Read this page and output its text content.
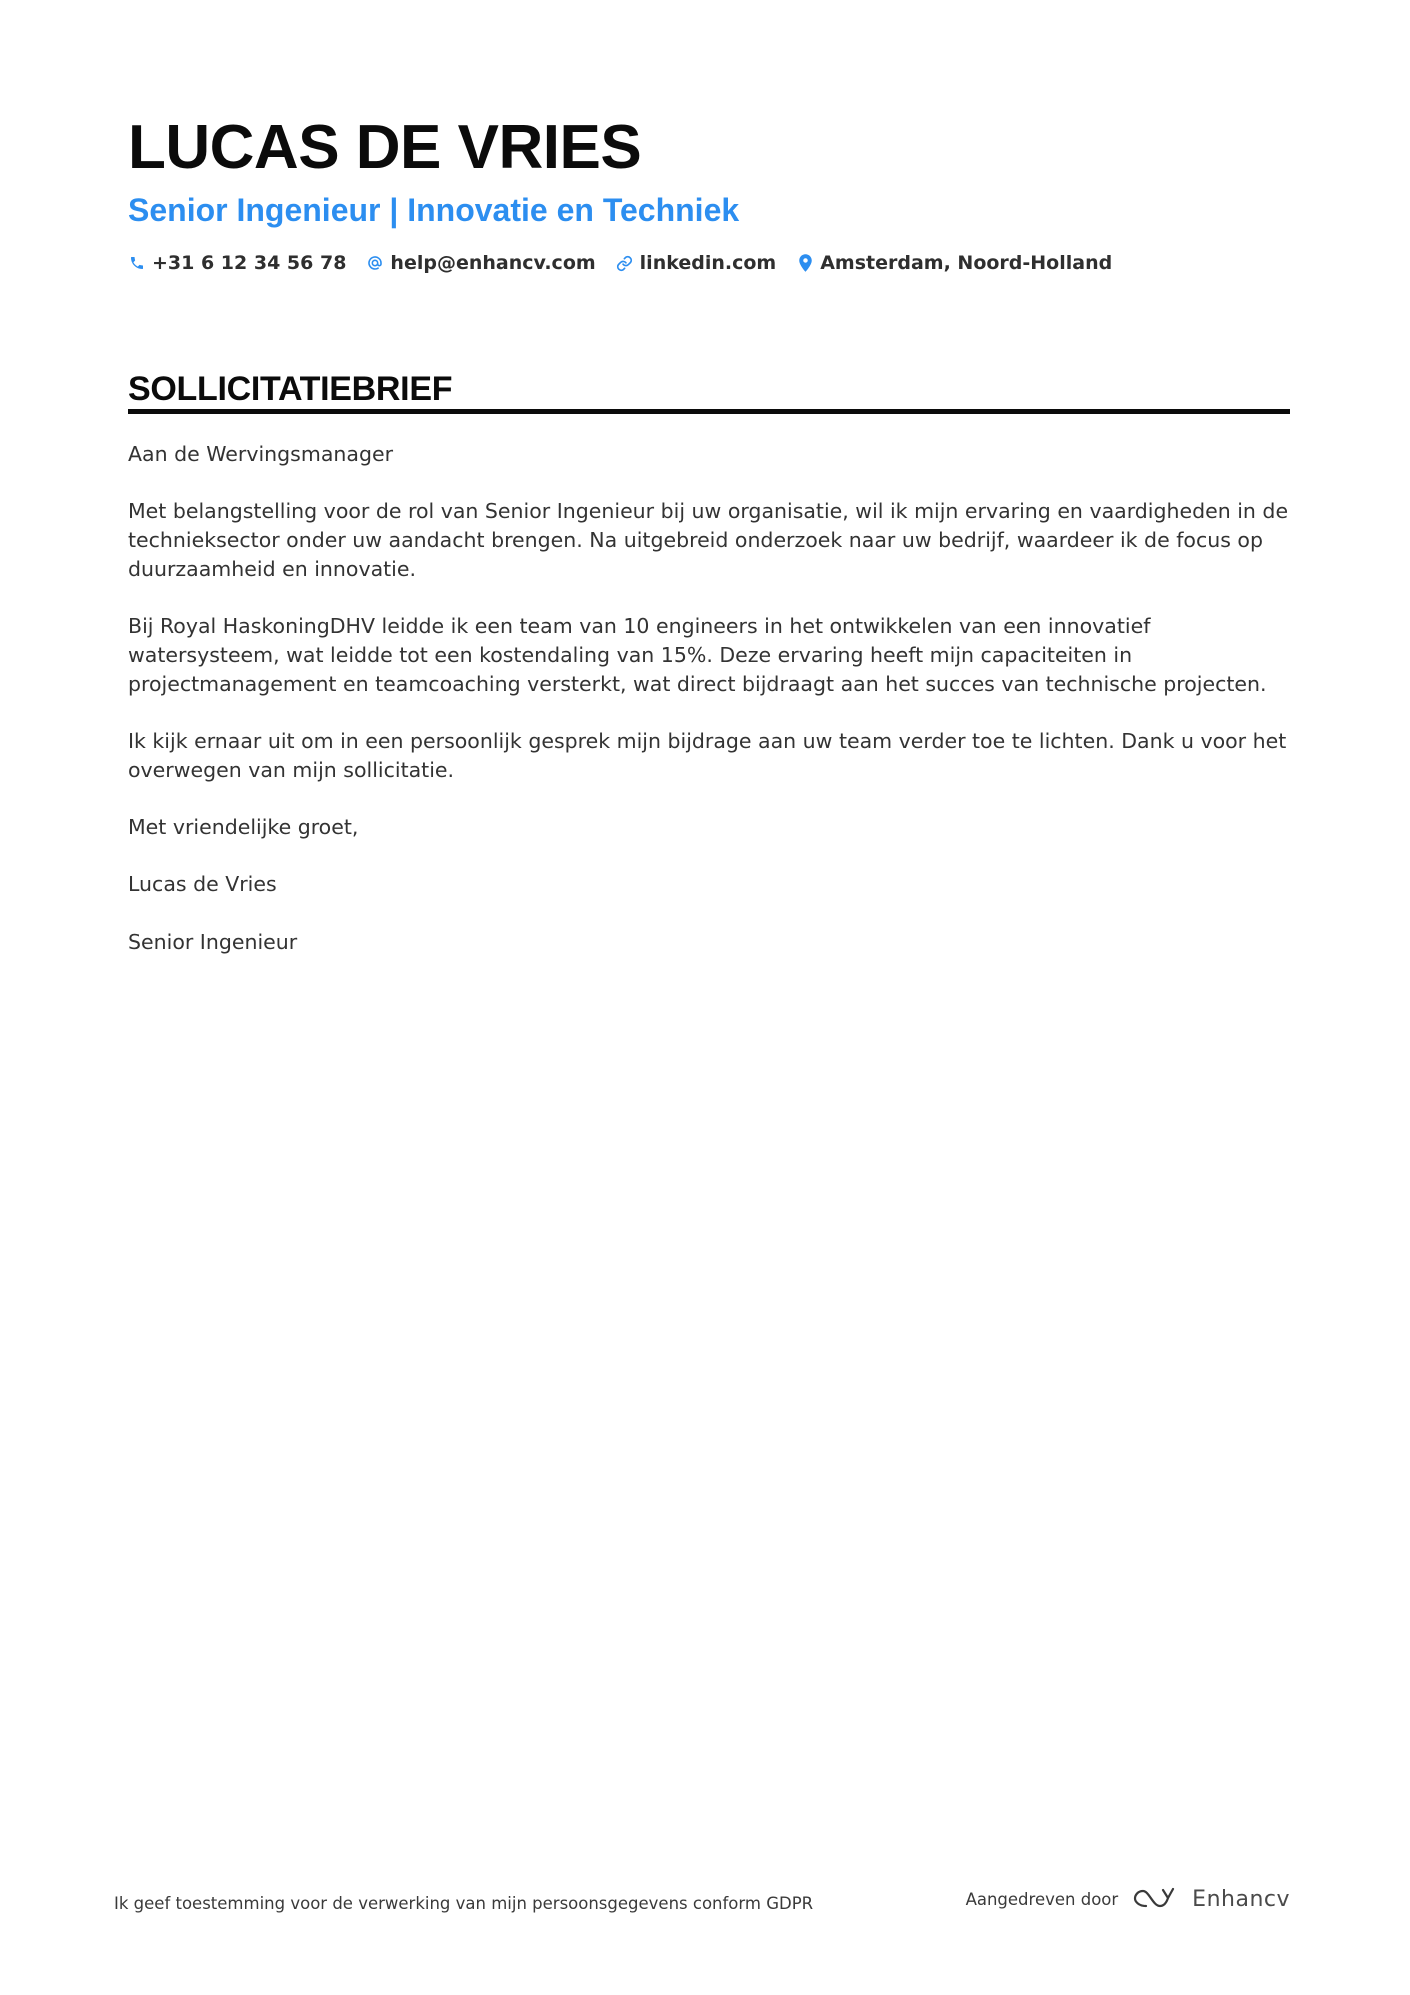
LUCAS DE VRIES
Senior Ingenieur | Innovatie en Techniek
+31 6 12 34 56 78 help@enhancv.com linkedin.com Amsterdam, Noord-Holland
SOLLICITATIEBRIEF

Aan de Wervingsmanager

Met belangstelling voor de rol van Senior Ingenieur bij uw organisatie, wil ik mijn ervaring en vaardigheden in de technieksector onder uw aandacht brengen. Na uitgebreid onderzoek naar uw bedrijf, waardeer ik de focus op duurzaamheid en innovatie.

Bij Royal HaskoningDHV leidde ik een team van 10 engineers in het ontwikkelen van een innovatief watersysteem, wat leidde tot een kostendaling van 15%. Deze ervaring heeft mijn capaciteiten in projectmanagement en teamcoaching versterkt, wat direct bijdraagt aan het succes van technische projecten.

Ik kijk ernaar uit om in een persoonlijk gesprek mijn bijdrage aan uw team verder toe te lichten. Dank u voor het overwegen van mijn sollicitatie.

Met vriendelijke groet,

Lucas de Vries

Senior Ingenieur

Ik geef toestemming voor de verwerking van mijn persoonsgegevens conform GDPR	Aangedreven door	Enhancv
